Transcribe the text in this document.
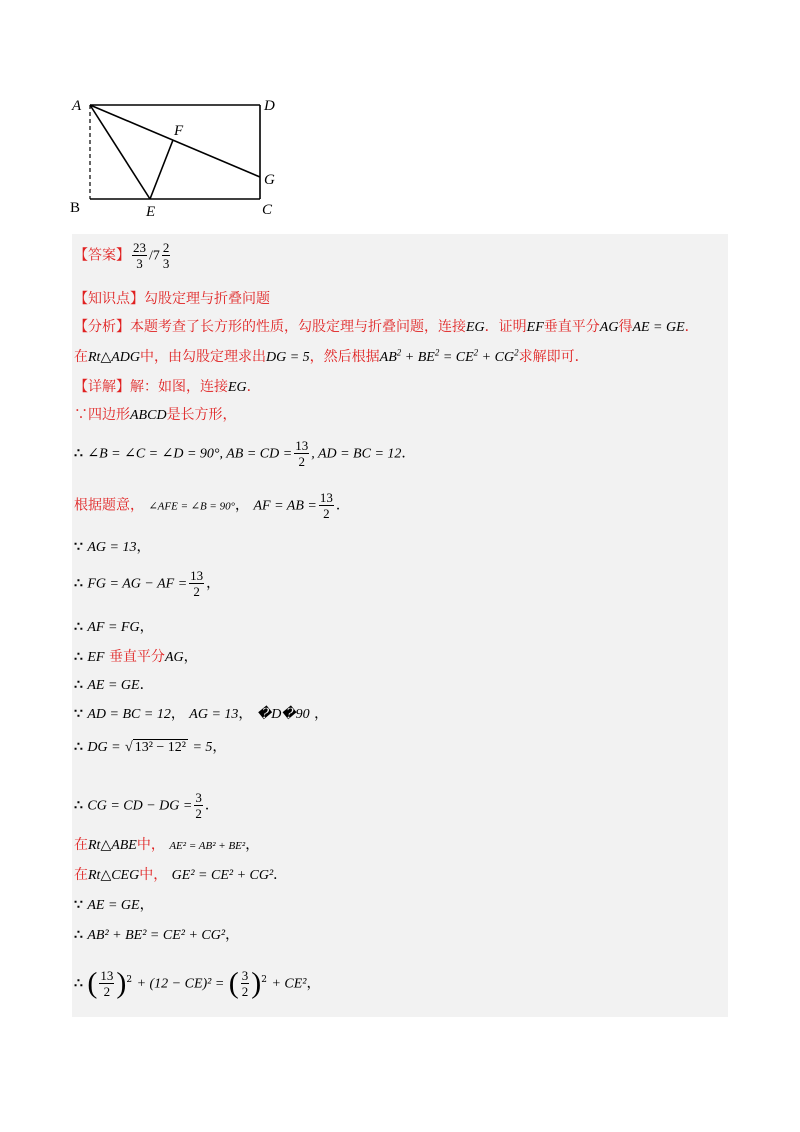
A	D
B	E
F
G
C
【答案】 $\frac{23}{3} /7 \frac{2}{3}$
【知识点】勾股定理与折叠问题
【分析】本题考查了长方形的性质，勾股定理与折叠问题，连接EG．证明EF垂直平分AG得AE = GE．
在Rt△ADG中，由勾股定理求出DG = 5，然后根据$AB^2 + BE^2 = CE^2 + CG^2$求解即可．
【详解】解：如图，连接EG．
∵四边形ABCD是长方形，
∴ ∠B = ∠C = ∠D = 90°, AB = CD = $\frac{13}{2}$ , AD = BC = 12．
根据题意， ∠AFE = ∠B = 90°， AF = AB = $\frac{13}{2}$ ．
∵ AG = 13，
∴ FG = AG − AF = $\frac{13}{2}$ ，
∴ AF = FG，
∴ EF 垂直平分AG，
∴ AE = GE．
∵ AD = BC = 12， AG = 13， �D�90 ，
∴ DG = √ 13² − 12² = 5，
∴ CG = CD − DG = $\frac{3}{2}$ ．
在Rt△ABE中， AE² = AB² + BE²，
在Rt△CEG中， GE² = CE² + CG²．
∵ AE = GE，
∴ AB² + BE² = CE² + CG²，
∴ ( $\frac{13}{2} )^2 + (12 - CE)^2$ = ( $\frac{3}{2} )^2 + CE^2$，
